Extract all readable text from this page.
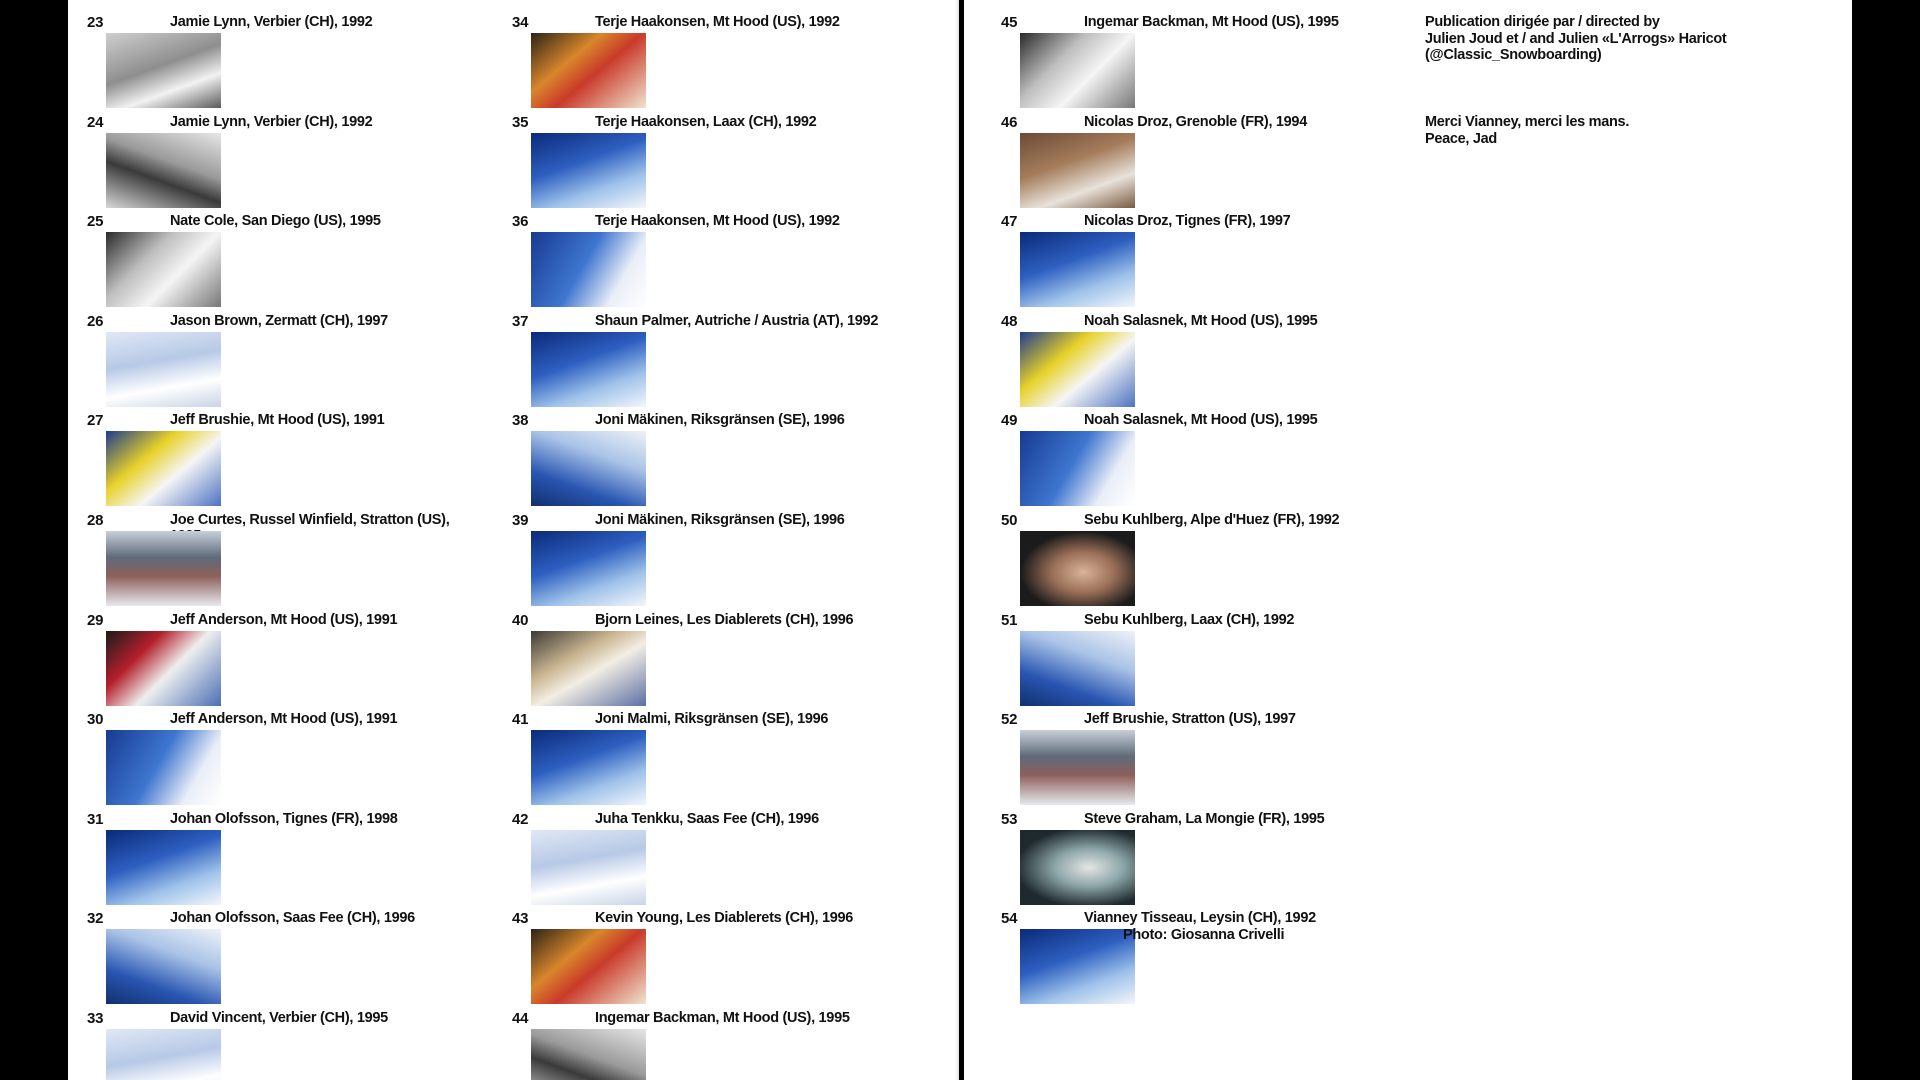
23	Jamie Lynn, Verbier (CH), 1992
24	Jamie Lynn, Verbier (CH), 1992
25	Nate Cole, San Diego (US), 1995
26	Jason Brown, Zermatt (CH), 1997
27	Jeff Brushie, Mt Hood (US), 1991
28	Joe Curtes, Russel Winfield, Stratton (US),

29	Jeff Anderson, Mt Hood (US), 1991
30	Jeff Anderson, Mt Hood (US), 1991
31	Johan Olofsson, Tignes (FR), 1998
32	Johan Olofsson, Saas Fee (CH), 1996
33	David Vincent, Verbier (CH), 1995
34	Terje Haakonsen, Mt Hood (US), 1992
35	Terje Haakonsen, Laax (CH), 1992
36	Terje Haakonsen, Mt Hood (US), 1992
37	Shaun Palmer, Autriche / Austria (AT), 1992
38	Joni Mäkinen, Riksgränsen (SE), 1996
39	Joni Mäkinen, Riksgränsen (SE), 1996
40	Bjorn Leines, Les Diablerets (CH), 1996
41	Joni Malmi, Riksgränsen (SE), 1996
42	Juha Tenkku, Saas Fee (CH), 1996
43	Kevin Young, Les Diablerets (CH), 1996
44	Ingemar Backman, Mt Hood (US), 1995
45	Ingemar Backman, Mt Hood (US), 1995
46	Nicolas Droz, Grenoble (FR), 1994
47	Nicolas Droz, Tignes (FR), 1997
48	Noah Salasnek, Mt Hood (US), 1995
49	Noah Salasnek, Mt Hood (US), 1995
50	Sebu Kuhlberg, Alpe d'Huez (FR), 1992
51	Sebu Kuhlberg, Laax (CH), 1992
52	Jeff Brushie, Stratton (US), 1997
53	Steve Graham, La Mongie (FR), 1995
54	Vianney Tisseau, Leysin (CH), 1992
Photo: Giosanna Crivelli
Publication dirigée par / directed by
Julien Joud et / and Julien «L'Arrogs» Haricot
(@Classic_Snowboarding)
Merci Vianney, merci les mans.
Peace, Jad
